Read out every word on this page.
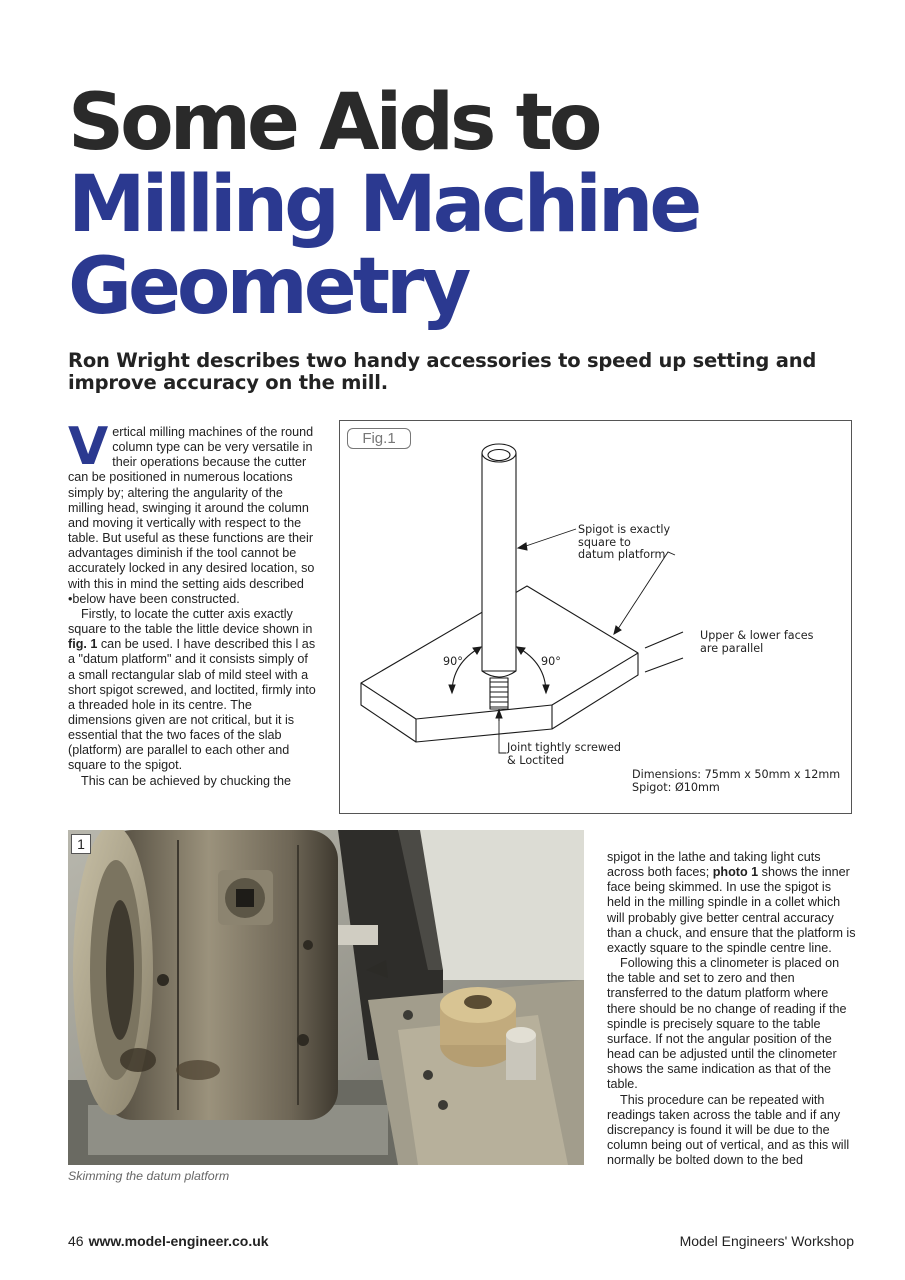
Some Aids to
Milling Machine
Geometry

Ron Wright describes two handy accessories to speed up setting and improve accuracy on the mill.

Vertical milling machines of the round column type can be very versatile in their operations because the cutter can be positioned in numerous locations simply by; altering the angularity of the milling head, swinging it around the column and moving it vertically with respect to the table. But useful as these functions are their advantages diminish if the tool cannot be accurately locked in any desired location, so with this in mind the setting aids described •below have been constructed.

Firstly, to locate the cutter axis exactly square to the table the little device shown in fig. 1 can be used. I have described this l as a "datum platform" and it consists simply of a small rectangular slab of mild steel with a short spigot screwed, and loctited, firmly into a threaded hole in its centre. The dimensions given are not critical, but it is essential that the two faces of the slab (platform) are parallel to each other and square to the spigot.

This can be achieved by chucking the

Fig.1
Spigot is exactly
square to
datum platform
Upper & lower faces
are parallel
90°	90°
Joint tightly screwed
& Loctited
Dimensions: 75mm x 50mm x 12mm
Spigot: Ø10mm
1

Skimming the datum platform

spigot in the lathe and taking light cuts across both faces; photo 1 shows the inner face being skimmed. In use the spigot is held in the milling spindle in a collet which will probably give better central accuracy than a chuck, and ensure that the platform is exactly square to the spindle centre line.

Following this a clinometer is placed on the table and set to zero and then transferred to the datum platform where there should be no change of reading if the spindle is precisely square to the table surface. If not the angular position of the head can be adjusted until the clinometer shows the same indication as that of the table.

This procedure can be repeated with readings taken across the table and if any discrepancy is found it will be due to the column being out of vertical, and as this will normally be bolted down to the bed

46 www.model-engineer.co.uk	Model Engineers' Workshop
